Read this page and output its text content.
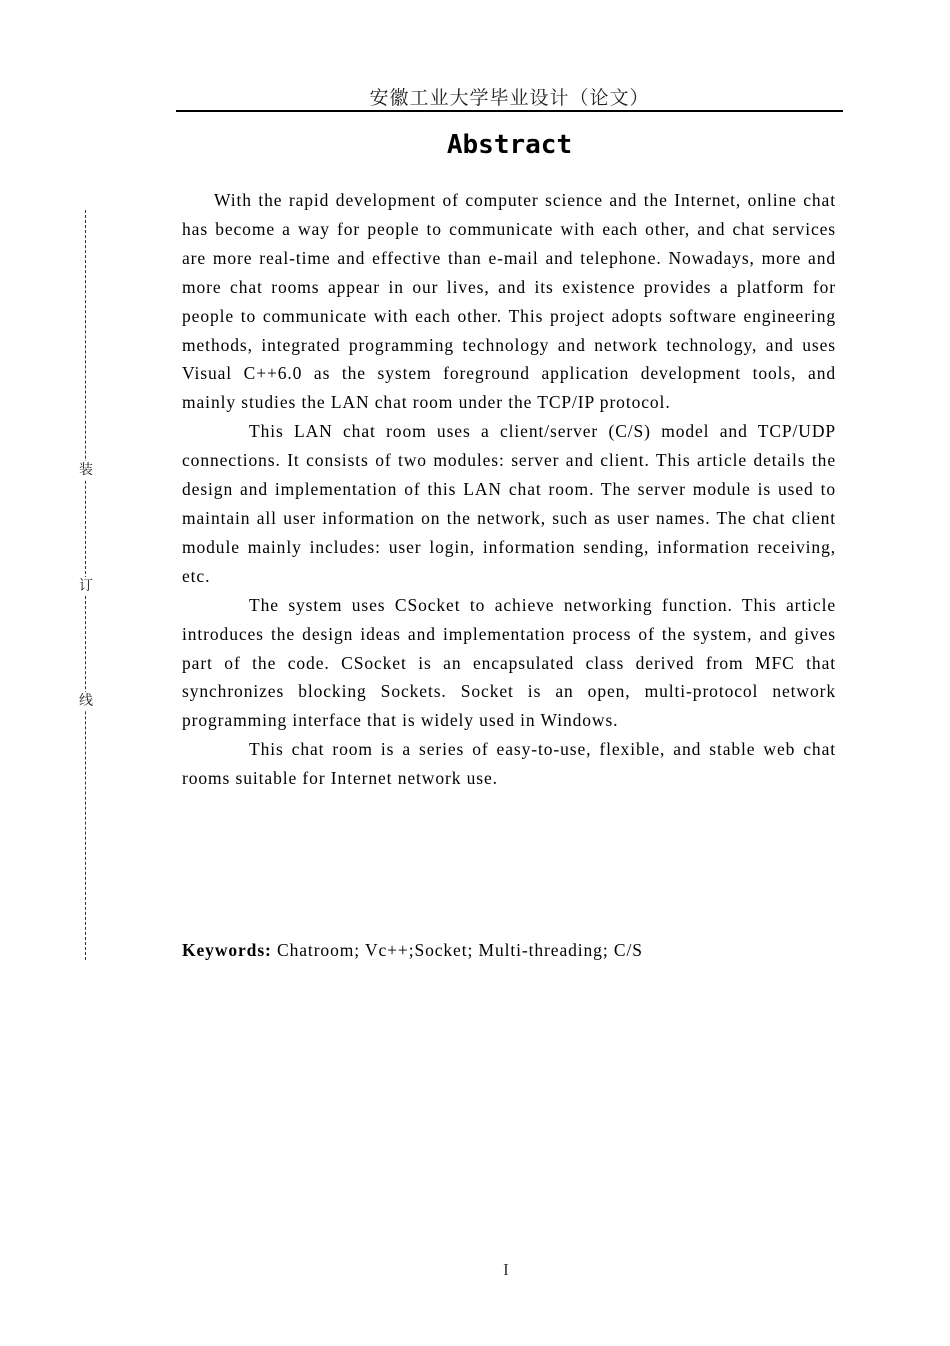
装
订
线
安徽工业大学毕业设计（论文）
Abstract

With the rapid development of computer science and the Internet, online chat has become a way for people to communicate with each other, and chat services are more real-time and effective than e-mail and telephone. Nowadays, more and more chat rooms appear in our lives, and its existence provides a platform for people to communicate with each other. This project adopts software engineering methods, integrated programming technology and network technology, and uses Visual C++6.0 as the system foreground application development tools, and mainly studies the LAN chat room under the TCP/IP protocol.

This LAN chat room uses a client/server (C/S) model and TCP/UDP connections. It consists of two modules: server and client. This article details the design and implementation of this LAN chat room. The server module is used to maintain all user information on the network, such as user names. The chat client module mainly includes: user login, information sending, information receiving, etc.

The system uses CSocket to achieve networking function. This article introduces the design ideas and implementation process of the system, and gives part of the code. CSocket is an encapsulated class derived from MFC that synchronizes blocking Sockets. Socket is an open, multi-protocol network programming interface that is widely used in Windows.

This chat room is a series of easy-to-use, flexible, and stable web chat rooms suitable for Internet network use.

Keywords: Chatroom; Vc++;Socket; Multi-threading; C/S
I
